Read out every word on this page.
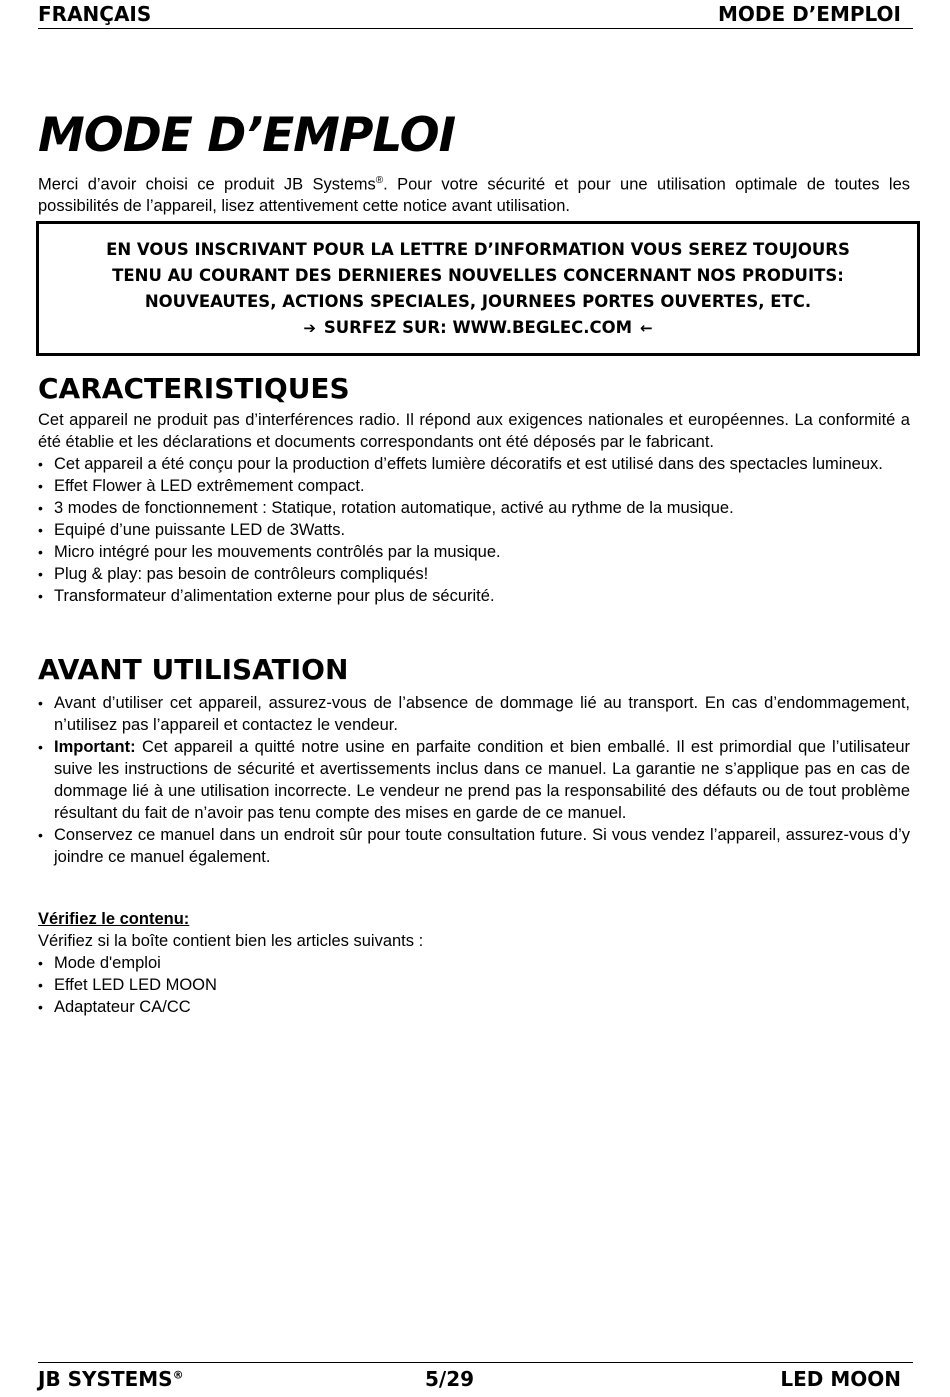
FRANÇAIS	MODE D’EMPLOI
MODE D’EMPLOI

Merci d’avoir choisi ce produit JB Systems®. Pour votre sécurité et pour une utilisation optimale de toutes les possibilités de l’appareil, lisez attentivement cette notice avant utilisation.

EN VOUS INSCRIVANT POUR LA LETTRE D’INFORMATION VOUS SEREZ TOUJOURS
TENU AU COURANT DES DERNIERES NOUVELLES CONCERNANT NOS PRODUITS:
NOUVEAUTES, ACTIONS SPECIALES, JOURNEES PORTES OUVERTES, ETC.
➔ SURFEZ SUR: WWW.BEGLEC.COM ←
CARACTERISTIQUES

Cet appareil ne produit pas d’interférences radio. Il répond aux exigences nationales et européennes. La conformité a été établie et les déclarations et documents correspondants ont été déposés par le fabricant.

• Cet appareil a été conçu pour la production d’effets lumière décoratifs et est utilisé dans des spectacles lumineux.
• Effet Flower à LED extrêmement compact.
• 3 modes de fonctionnement : Statique, rotation automatique, activé au rythme de la musique.
• Equipé d’une puissante LED de 3Watts.
• Micro intégré pour les mouvements contrôlés par la musique.
• Plug & play: pas besoin de contrôleurs compliqués!
• Transformateur d’alimentation externe pour plus de sécurité.
AVANT UTILISATION
• Avant d’utiliser cet appareil, assurez-vous de l’absence de dommage lié au transport. En cas d’endommagement, n’utilisez pas l’appareil et contactez le vendeur.
• Important: Cet appareil a quitté notre usine en parfaite condition et bien emballé. Il est primordial que l’utilisateur suive les instructions de sécurité et avertissements inclus dans ce manuel. La garantie ne s’applique pas en cas de dommage lié à une utilisation incorrecte. Le vendeur ne prend pas la responsabilité des défauts ou de tout problème résultant du fait de n’avoir pas tenu compte des mises en garde de ce manuel.
• Conservez ce manuel dans un endroit sûr pour toute consultation future. Si vous vendez l’appareil, assurez-vous d’y joindre ce manuel également.

Vérifiez le contenu:

Vérifiez si la boîte contient bien les articles suivants :

• Mode d'emploi
• Effet LED LED MOON
• Adaptateur CA/CC
JB SYSTEMS®	5/29	LED MOON
